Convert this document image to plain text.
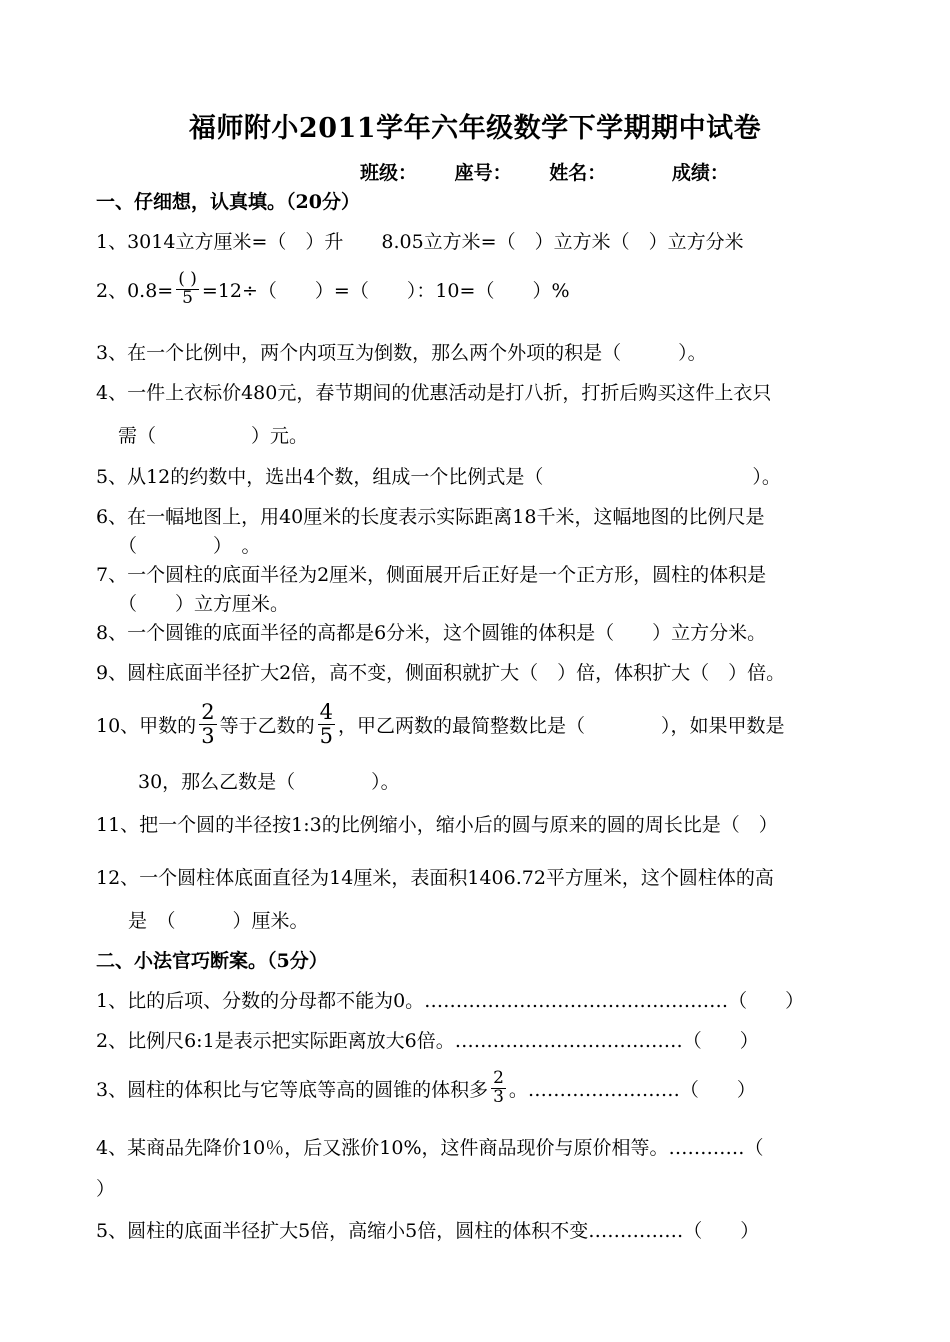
福师附小2011学年六年级数学下学期期中试卷
班级： 座号： 姓名：	成绩：
一、仔细想，认真填。（20分）
1、3014立方厘米=（　）升　　8.05立方米=（　）立方米（　）立方分米
2、$0.8= \frac{( )}{5} =12\div$（　　）=（　　）：10=（　　）%
3、在一个比例中，两个内项互为倒数，那么两个外项的积是（　　　）。
4、一件上衣标价480元，春节期间的优惠活动是打八折，打折后购买这件上衣只
需（　　　　　）元。
5、从12的约数中，选出4个数，组成一个比例式是（　　　　　　　　　　　）。
6、在一幅地图上，用40厘米的长度表示实际距离18千米，这幅地图的比例尺是
（　　　　）　。
7、一个圆柱的底面半径为2厘米，侧面展开后正好是一个正方形，圆柱的体积是
（　　）立方厘米。
8、一个圆锥的底面半径的高都是6分米，这个圆锥的体积是（　　）立方分米。
9、圆柱底面半径扩大2倍，高不变，侧面积就扩大（　）倍，体积扩大（　）倍。
10、甲数的 $\frac{2}{3}$ 等于乙数的 $\frac{4}{5}$ ，甲乙两数的最简整数比是（　　　　），如果甲数是
30，那么乙数是（　　　　）。
11、把一个圆的半径按1:3的比例缩小，缩小后的圆与原来的圆的周长比是（　）
12、一个圆柱体底面直径为14厘米，表面积1406.72平方厘米，这个圆柱体的高
是　（　　　）厘米。
二、小法官巧断案。（5分）
1、比的后项、分数的分母都不能为0。…………………………………………（　　）
2、比例尺6:1是表示把实际距离放大6倍。………………………………（　　）
3、圆柱的体积比与它等底等高的圆锥的体积多 $\frac{2}{3}$ 。……………………（　　）
4、某商品先降价10％，后又涨价10%，这件商品现价与原价相等。…………（
）
5、圆柱的底面半径扩大5倍，高缩小5倍，圆柱的体积不变……………（　　）
